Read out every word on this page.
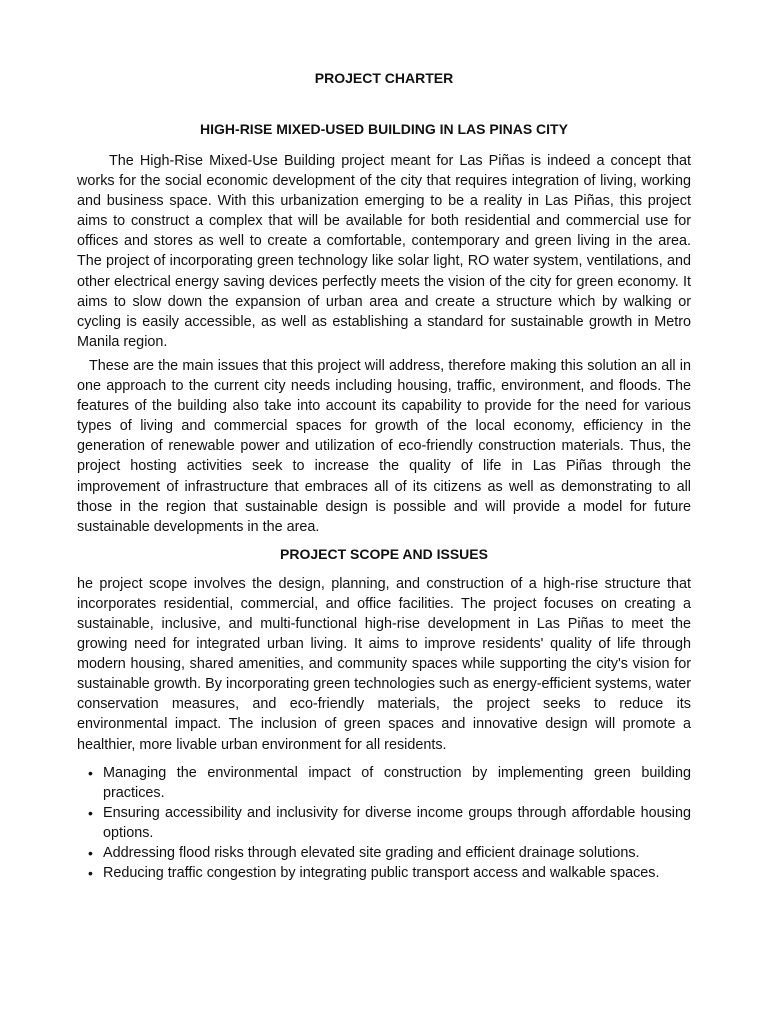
PROJECT CHARTER
HIGH-RISE MIXED-USED BUILDING IN LAS PINAS CITY

The High-Rise Mixed-Use Building project meant for Las Piñas is indeed a concept that works for the social economic development of the city that requires integration of living, working and business space. With this urbanization emerging to be a reality in Las Piñas, this project aims to construct a complex that will be available for both residential and commercial use for offices and stores as well to create a comfortable, contemporary and green living in the area. The project of incorporating green technology like solar light, RO water system, ventilations, and other electrical energy saving devices perfectly meets the vision of the city for green economy. It aims to slow down the expansion of urban area and create a structure which by walking or cycling is easily accessible, as well as establishing a standard for sustainable growth in Metro Manila region.

These are the main issues that this project will address, therefore making this solution an all in one approach to the current city needs including housing, traffic, environment, and floods. The features of the building also take into account its capability to provide for the need for various types of living and commercial spaces for growth of the local economy, efficiency in the generation of renewable power and utilization of eco-friendly construction materials. Thus, the project hosting activities seek to increase the quality of life in Las Piñas through the improvement of infrastructure that embraces all of its citizens as well as demonstrating to all those in the region that sustainable design is possible and will provide a model for future sustainable developments in the area.

PROJECT SCOPE AND ISSUES

he project scope involves the design, planning, and construction of a high-rise structure that incorporates residential, commercial, and office facilities. The project focuses on creating a sustainable, inclusive, and multi-functional high-rise development in Las Piñas to meet the growing need for integrated urban living. It aims to improve residents' quality of life through modern housing, shared amenities, and community spaces while supporting the city's vision for sustainable growth. By incorporating green technologies such as energy-efficient systems, water conservation measures, and eco-friendly materials, the project seeks to reduce its environmental impact. The inclusion of green spaces and innovative design will promote a healthier, more livable urban environment for all residents.

• Managing the environmental impact of construction by implementing green building practices.
• Ensuring accessibility and inclusivity for diverse income groups through affordable housing options.
• Addressing flood risks through elevated site grading and efficient drainage solutions.
• Reducing traffic congestion by integrating public transport access and walkable spaces.
